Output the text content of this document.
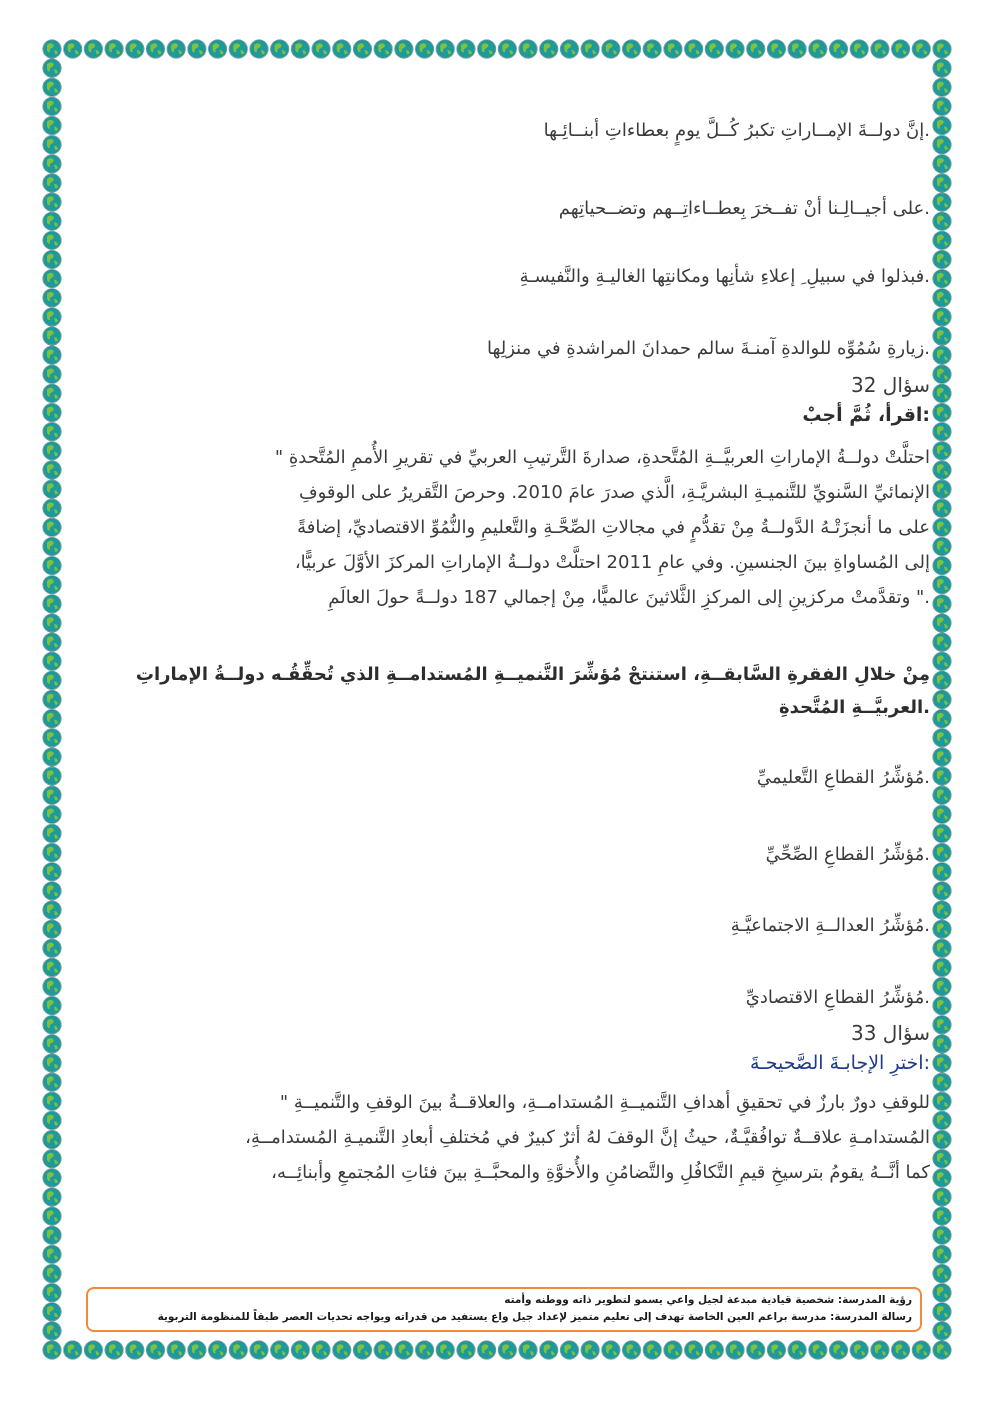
.إنَّ دولــةَ الإمــاراتِ تكبرُ كُــلَّ يومٍ بعطاءاتِ أبنــائِـها
.على أجيــالِـنا أنْ تفــخرَ بِعطــاءاتِــهم وتضــحياتِهم
.فبذلوا في سبيلِ ِ إعلاءِ شأنِها ومكانتِها الغاليـةِ والنَّفيسـةِ
.زيارةِ سُمُوِّه للوالدةِ آمنـةَ سالم حمدانَ المراشدةِ في منزلِها
سؤال 32
:اقرأ، ثُمَّ أجبْ

احتلَّتْ دولــةُ الإماراتِ العربيَّــةِ المُتَّحدةِ، صدارةَ التَّرتيبِ العربيِّ في تقريرِ الأُممِ المُتَّحدةِ "

الإنمائيِّ السَّنويِّ للتَّنميـةِ البشريَّـةِ، الَّذي صدرَ عامَ 2010. وحرصَ التَّقريرُ على الوقوفِ

على ما أنجزَتْـهُ الدَّولــةُ مِنْ تقدُّمٍ في مجالاتِ الصِّحَّـةِ والتَّعليمِ والنُّمُوِّ الاقتصاديِّ، إضافةً

إلى المُساواةِ بينَ الجنسينِ. وفي عامِ 2011 احتلَّتْ دولــةُ الإماراتِ المركزَ الأوَّلَ عربيًّا،

." وتقدَّمتْ مركزينِ إلى المركزِ الثَّلاثينَ عالميًّا، مِنْ إجمالي 187 دولــةً حولَ العالَمِ

مِنْ خلالِ الفقرةِ السَّابقــةِ، استنتجْ مُؤشِّرَ التَّنميــةِ المُستدامــةِ الذي تُحقِّقُـه دولــةُ الإماراتِ
.العربيَّــةِ المُتَّحدةِ
.مُؤشِّرُ القطاعِ التَّعليميِّ
.مُؤشِّرُ القطاعِ الصِّحِّيِّ
.مُؤشِّرُ العدالــةِ الاجتماعيَّـةِ
.مُؤشِّرُ القطاعِ الاقتصاديِّ
سؤال 33
:اخترِ الإجابـةَ الصَّحيحـةَ

للوقفِ دورٌ بارزٌ في تحقيقِ أهدافِ التَّنميــةِ المُستدامــةِ، والعلاقــةُ بينَ الوقفِ والتَّنميــةِ "

المُستدامـةِ علاقــةٌ توافُقيَّـةٌ، حيثُ إنَّ الوقفَ لهُ أثرٌ كبيرٌ في مُختلفِ أبعادِ التَّنميـةِ المُستدامــةِ،

كما أنَّــهُ يقومُ بترسيخِ قيمِ التَّكافُلِ والتَّضامُنِ والأُخوَّةِ والمحبَّــةِ بينَ فئاتِ المُجتمعِ وأبنائِــه،

رؤية المدرسة: شخصية قيادية مبدعة لجيل واعي يسمو لتطوير ذاته ووطنه وأمته
رسالة المدرسة: مدرسة براعم العين الخاصة تهدف إلى تعليم متميز لإعداد جيل واع يستفيد من قدراته ويواجه تحديات العصر طبقاً للمنظومة التربوية
